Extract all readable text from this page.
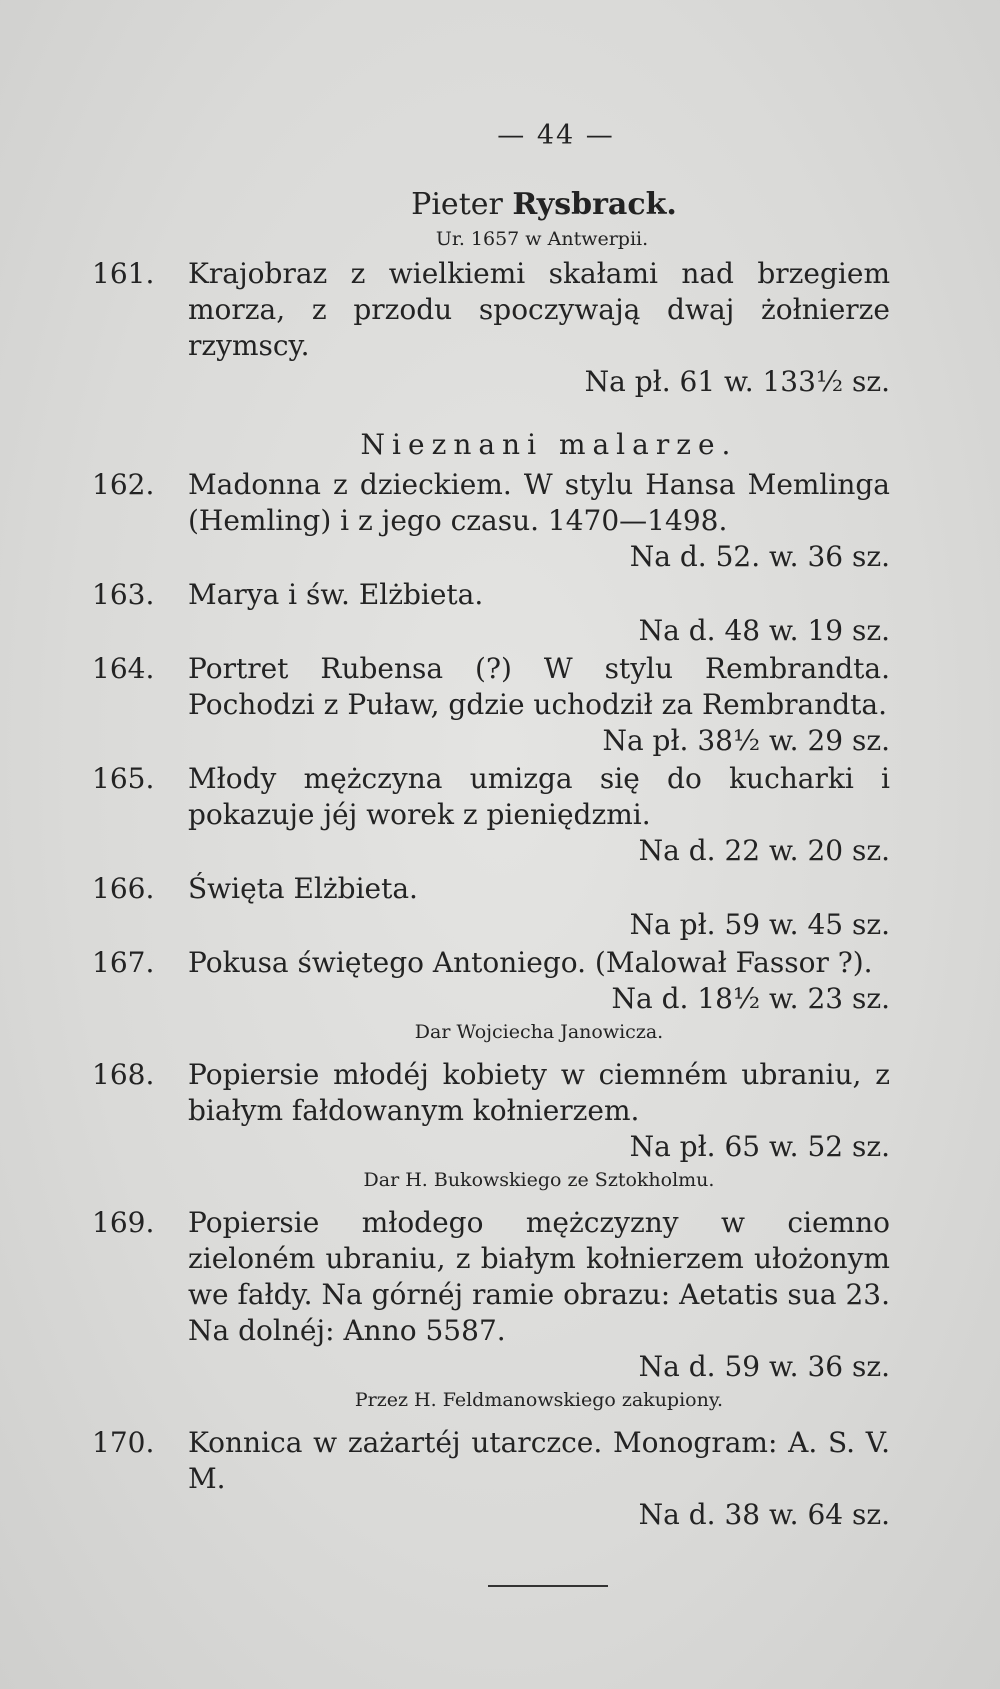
— 44 —
Pieter Rysbrack.
Ur. 1657 w Antwerpii.
161. Krajobraz z wielkiemi skałami nad brzegiem morza, z przodu spoczywają dwaj żołnierze rzymscy.
Na pł. 61 w. 133½ sz.
Nieznani malarze.
162. Madonna z dzieckiem. W stylu Hansa Memlinga (Hemling) i z jego czasu. 1470—1498.
Na d. 52. w. 36 sz.
163. Marya i św. Elżbieta.
Na d. 48 w. 19 sz.
164. Portret Rubensa (?) W stylu Rembrandta. Pochodzi z Puław, gdzie uchodził za Rembrandta.
Na pł. 38½ w. 29 sz.
165. Młody mężczyna umizga się do kucharki i pokazuje jéj worek z pieniędzmi.
Na d. 22 w. 20 sz.
166. Święta Elżbieta.
Na pł. 59 w. 45 sz.
167. Pokusa świętego Antoniego. (Malował Fassor ?).
Na d. 18½ w. 23 sz.
Dar Wojciecha Janowicza.
168. Popiersie młodéj kobiety w ciemném ubraniu, z białym fałdowanym kołnierzem.
Na pł. 65 w. 52 sz.
Dar H. Bukowskiego ze Sztokholmu.
169. Popiersie młodego mężczyzny w ciemno zieloném ubraniu, z białym kołnierzem ułożonym we fałdy. Na górnéj ramie obrazu: Aetatis sua 23. Na dolnéj: Anno 5587.
Na d. 59 w. 36 sz.
Przez H. Feldmanowskiego zakupiony.
170. Konnica w zażartéj utarczce. Monogram: A. S. V. M.
Na d. 38 w. 64 sz.
